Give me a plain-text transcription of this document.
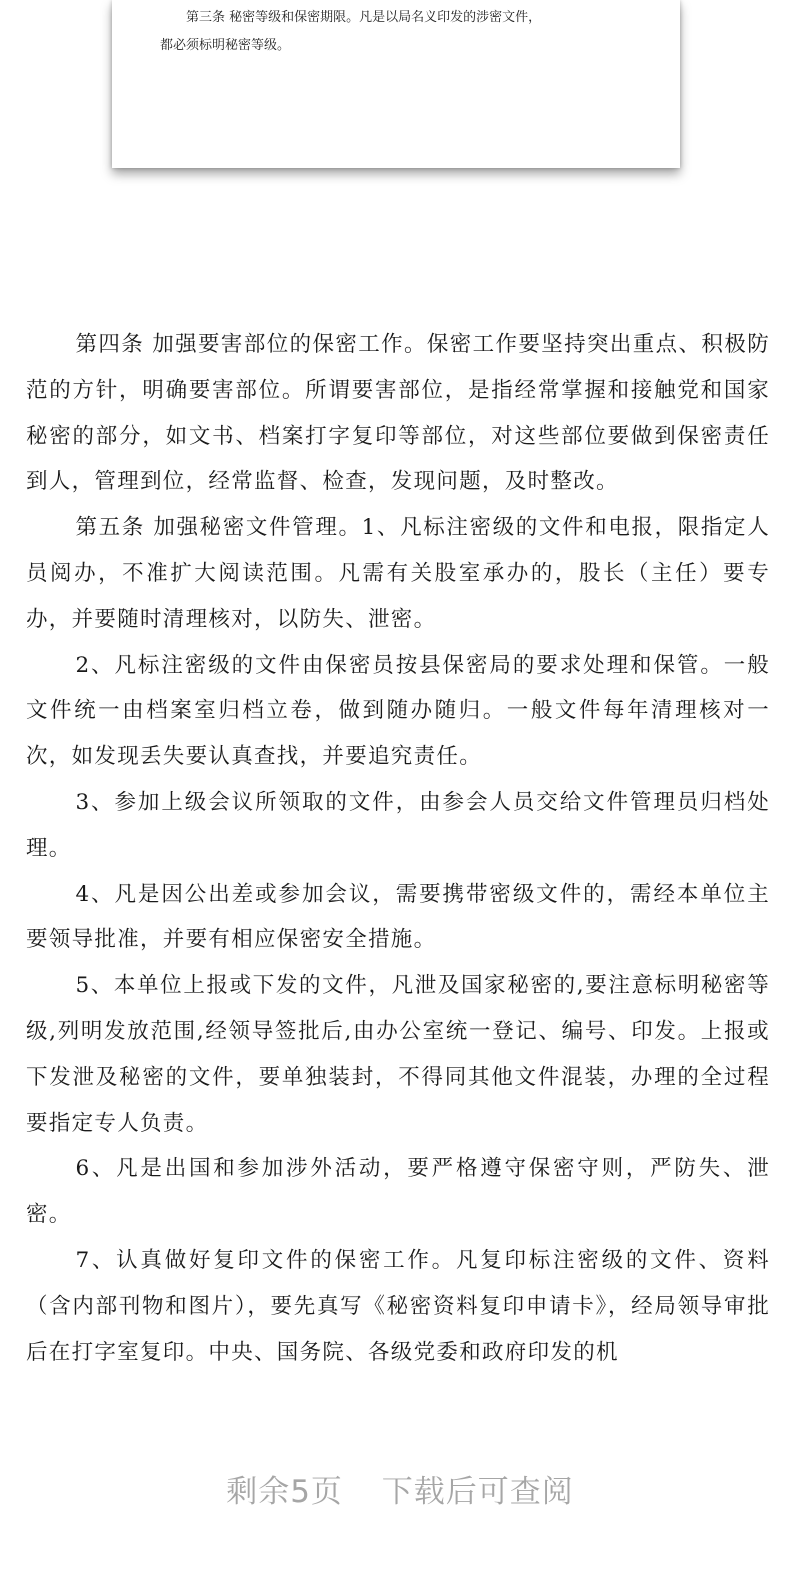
第三条 秘密等级和保密期限。凡是以局名义印发的涉密文件，
都必须标明秘密等级。

第四条 加强要害部位的保密工作。保密工作要坚持突出重点、积极防范的方针，明确要害部位。所谓要害部位，是指经常掌握和接触党和国家秘密的部分，如文书、档案打字复印等部位，对这些部位要做到保密责任到人，管理到位，经常监督、检查，发现问题，及时整改。

第五条 加强秘密文件管理。1、凡标注密级的文件和电报，限指定人员阅办，不准扩大阅读范围。凡需有关股室承办的，股长（主任）要专办，并要随时清理核对，以防失、泄密。

2、凡标注密级的文件由保密员按县保密局的要求处理和保管。一般文件统一由档案室归档立卷，做到随办随归。一般文件每年清理核对一次，如发现丢失要认真查找，并要追究责任。

3、参加上级会议所领取的文件，由参会人员交给文件管理员归档处理。

4、凡是因公出差或参加会议，需要携带密级文件的，需经本单位主要领导批准，并要有相应保密安全措施。

5、本单位上报或下发的文件，凡泄及国家秘密的,要注意标明秘密等级,列明发放范围,经领导签批后,由办公室统一登记、编号、印发。上报或下发泄及秘密的文件，要单独装封，不得同其他文件混装，办理的全过程要指定专人负责。

6、凡是出国和参加涉外活动，要严格遵守保密守则，严防失、泄密。

7、认真做好复印文件的保密工作。凡复印标注密级的文件、资料（含内部刊物和图片），要先真写《秘密资料复印申请卡》，经局领导审批后在打字室复印。中央、国务院、各级党委和政府印发的机

剩余5页 下载后可查阅
